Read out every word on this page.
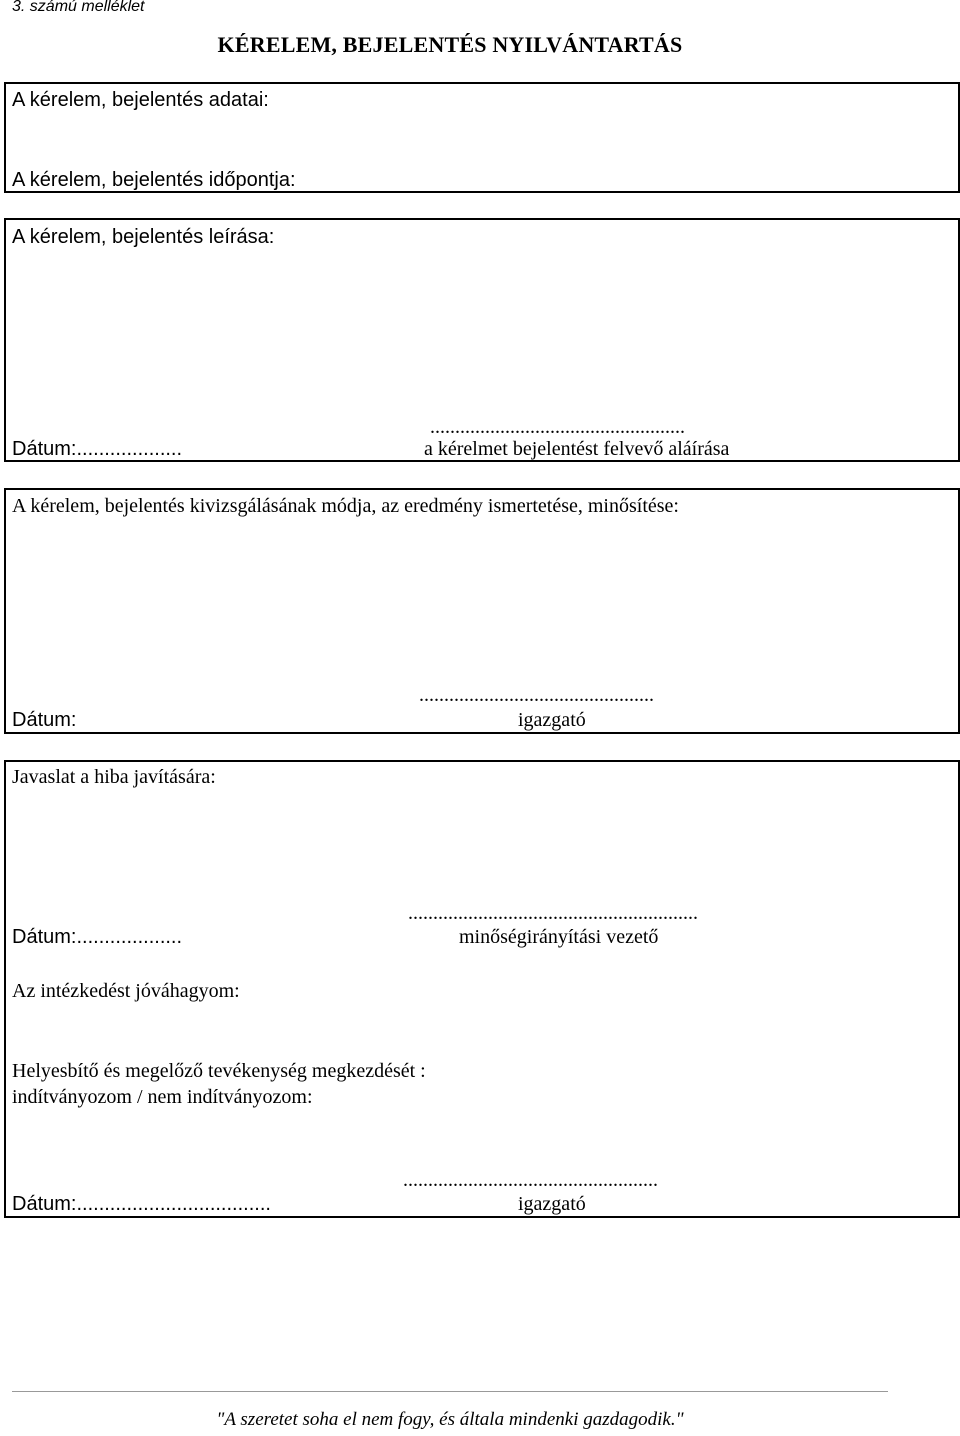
3. számú melléklet
KÉRELEM, BEJELENTÉS NYILVÁNTARTÁS
A kérelem, bejelentés adatai:
A kérelem, bejelentés időpontja:
A kérelem, bejelentés leírása:
Dátum:...................
...................................................
a kérelmet bejelentést felvevő aláírása
A kérelem, bejelentés kivizsgálásának módja, az eredmény ismertetése, minősítése:
Dátum:
...............................................
igazgató
Javaslat a hiba javítására:
Dátum:...................
..........................................................
minőségirányítási vezető
Az intézkedést jóváhagyom:
Helyesbítő és megelőző tevékenység megkezdését :
indítványozom / nem indítványozom:
Dátum:...................................
...................................................
igazgató
"A szeretet soha el nem fogy, és általa mindenki gazdagodik."
